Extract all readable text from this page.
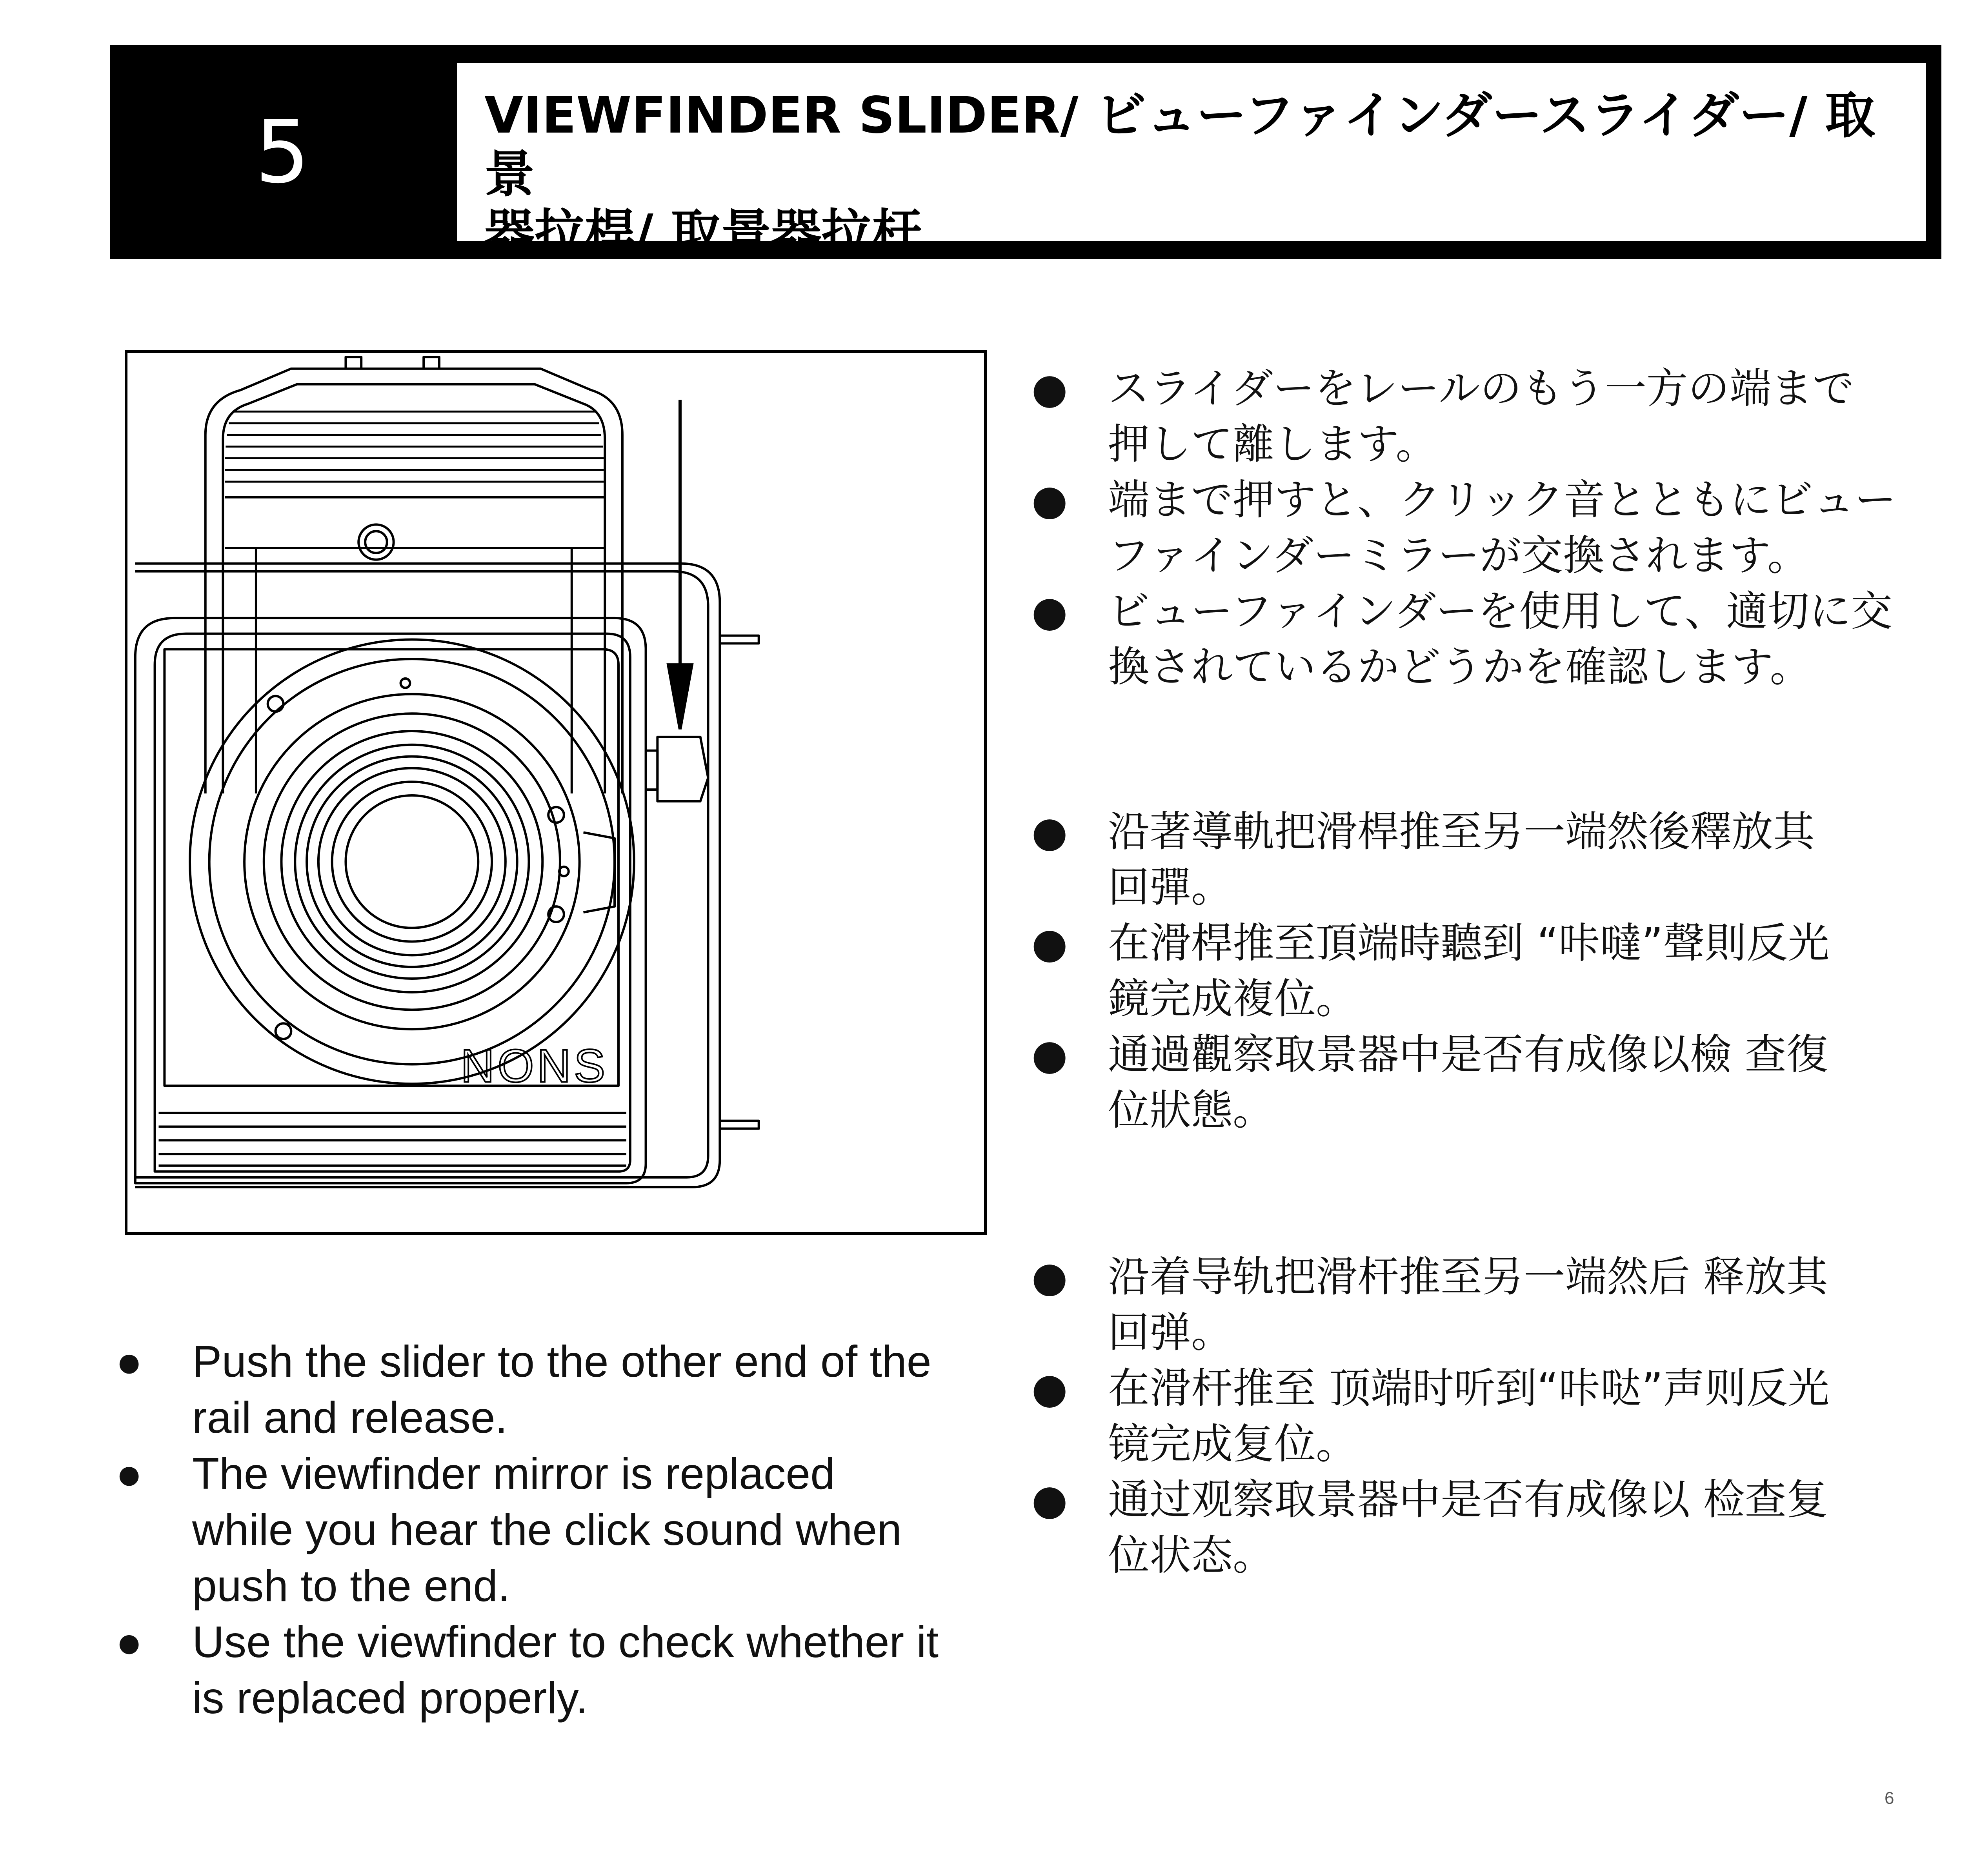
5	VIEWFINDER SLIDER/ ビューファインダースライダー/ 取景

器拉桿/ 取景器拉杆

NONS
● スライダーをレールのもう一方の端まで
押して離します。
● 端まで押すと、クリック音とともにビュー
ファインダーミラーが交換されます。
● ビューファインダーを使用して、適切に交
換されているかどうかを確認します。
● 沿著導軌把滑桿推至另一端然後釋放其
回彈。
● 在滑桿推至頂端時聽到 “咔噠”聲則反光
鏡完成複位。
● 通過觀察取景器中是否有成像以檢 查復
位狀態。
● 沿着导轨把滑杆推至另一端然后 释放其
回弹。
● 在滑杆推至 顶端时听到“咔哒”声则反光
镜完成复位。
● 通过观察取景器中是否有成像以 检查复
位状态。
● Push the slider to the other end of the
rail and release.
● The viewfinder mirror is replaced
while you hear the click sound when
push to the end.
● Use the viewfinder to check whether it
is replaced properly.
6
